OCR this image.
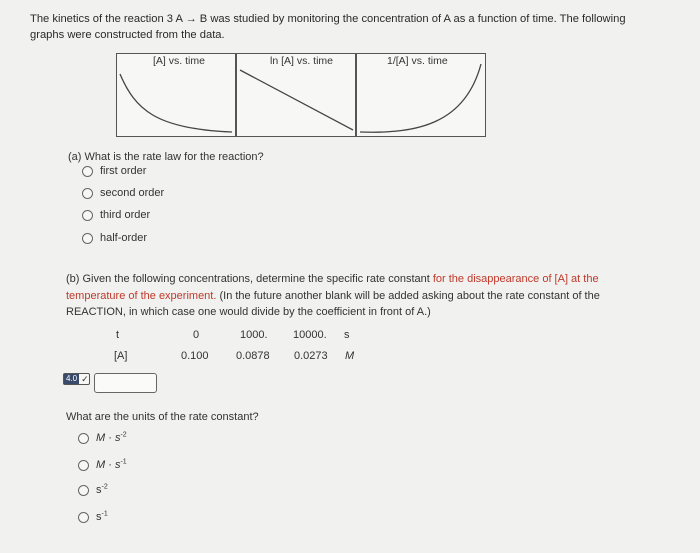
The kinetics of the reaction 3 A → B was studied by monitoring the concentration of A as a function of time. The following
graphs were constructed from the data.
[A] vs. time	ln [A] vs. time	1/[A] vs. time
(a) What is the rate law for the reaction?
first order
second order
third order
half-order
(b) Given the following concentrations, determine the specific rate constant for the disappearance of [A] at the
temperature of the experiment. (In the future another blank will be added asking about the rate constant of the
REACTION, in which case one would divide by the coefficient in front of A.)
t	0	1000. 10000. s
[A]	0.100 0.0878 0.0273 M
4.0 ✓
What are the units of the rate constant?
$M \cdot s^{-2}$
$M \cdot s^{-1}$
$s^{-2}$
$s^{-1}$
